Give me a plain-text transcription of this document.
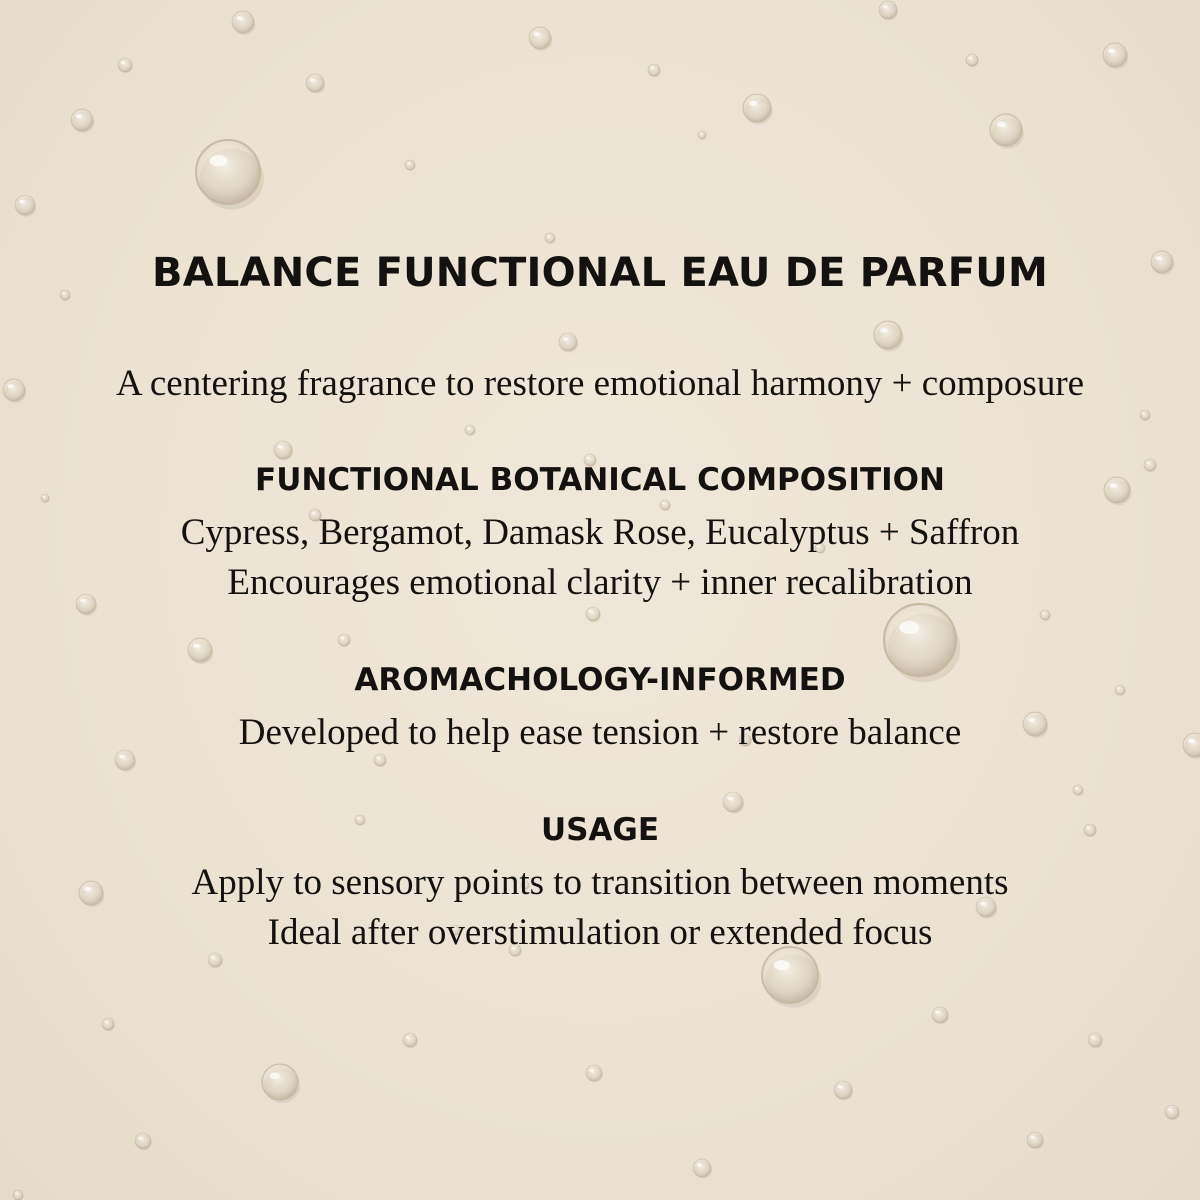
BALANCE FUNCTIONAL EAU DE PARFUM
A centering fragrance to restore emotional harmony + composure
FUNCTIONAL BOTANICAL COMPOSITION
Cypress, Bergamot, Damask Rose, Eucalyptus + Saffron
Encourages emotional clarity + inner recalibration
AROMACHOLOGY-INFORMED
Developed to help ease tension + restore balance
USAGE
Apply to sensory points to transition between moments
Ideal after overstimulation or extended focus
